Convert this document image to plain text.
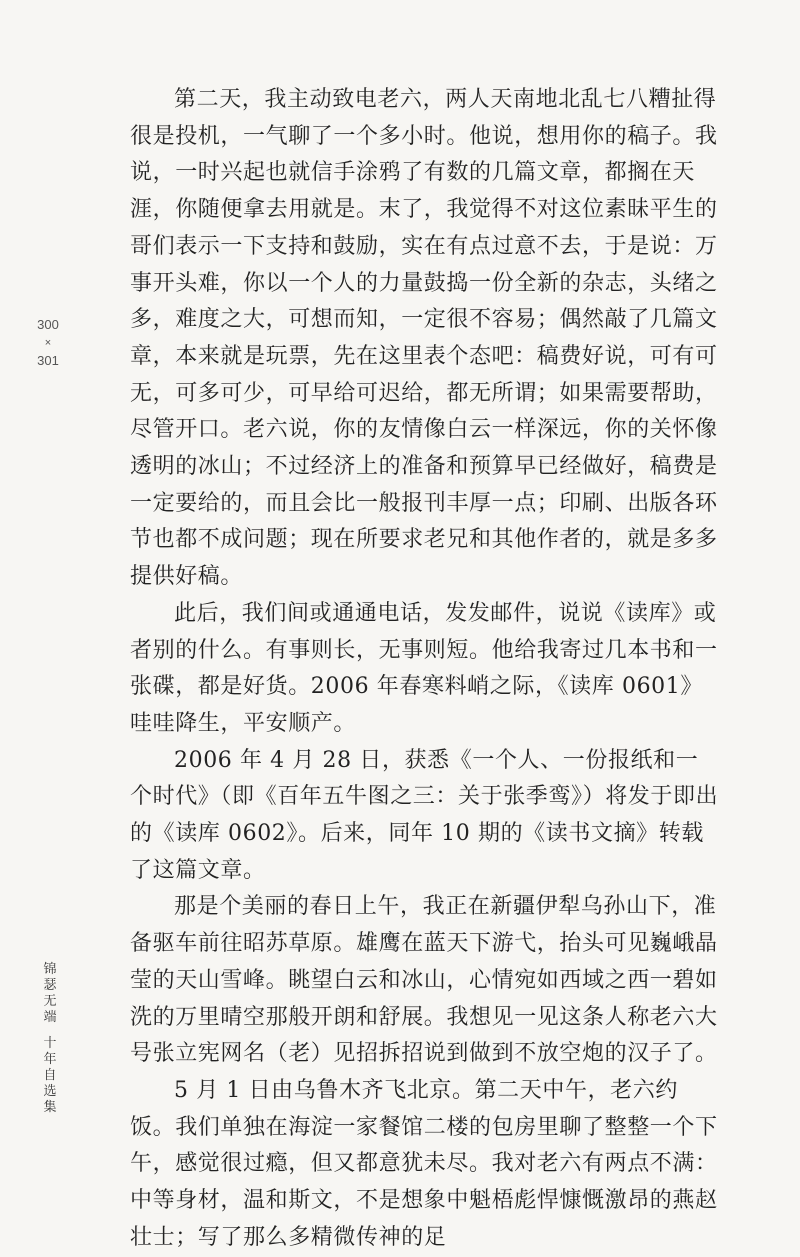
300
×
301

第二天，我主动致电老六，两人天南地北乱七八糟扯得很是投机，一气聊了一个多小时。他说，想用你的稿子。我说，一时兴起也就信手涂鸦了有数的几篇文章，都搁在天涯，你随便拿去用就是。末了，我觉得不对这位素昧平生的哥们表示一下支持和鼓励，实在有点过意不去，于是说：万事开头难，你以一个人的力量鼓捣一份全新的杂志，头绪之多，难度之大，可想而知，一定很不容易；偶然敲了几篇文章，本来就是玩票，先在这里表个态吧：稿费好说，可有可无，可多可少，可早给可迟给，都无所谓；如果需要帮助，尽管开口。老六说，你的友情像白云一样深远，你的关怀像透明的冰山；不过经济上的准备和预算早已经做好，稿费是一定要给的，而且会比一般报刊丰厚一点；印刷、出版各环节也都不成问题；现在所要求老兄和其他作者的，就是多多提供好稿。

此后，我们间或通通电话，发发邮件，说说《读库》或者别的什么。有事则长，无事则短。他给我寄过几本书和一张碟，都是好货。2006 年春寒料峭之际，《读库 0601》哇哇降生，平安顺产。

2006 年 4 月 28 日，获悉《一个人、一份报纸和一个时代》（即《百年五牛图之三：关于张季鸾》）将发于即出的《读库 0602》。后来，同年 10 期的《读书文摘》转载了这篇文章。

那是个美丽的春日上午，我正在新疆伊犁乌孙山下，准备驱车前往昭苏草原。雄鹰在蓝天下游弋，抬头可见巍峨晶莹的天山雪峰。眺望白云和冰山，心情宛如西域之西一碧如洗的万里晴空那般开朗和舒展。我想见一见这条人称老六大号张立宪网名（老）见招拆招说到做到不放空炮的汉子了。

5 月 1 日由乌鲁木齐飞北京。第二天中午，老六约饭。我们单独在海淀一家餐馆二楼的包房里聊了整整一个下午，感觉很过瘾，但又都意犹未尽。我对老六有两点不满：中等身材，温和斯文，不是想象中魁梧彪悍慷慨激昂的燕赵壮士；写了那么多精微传神的足

锦瑟无端
十年自选集
